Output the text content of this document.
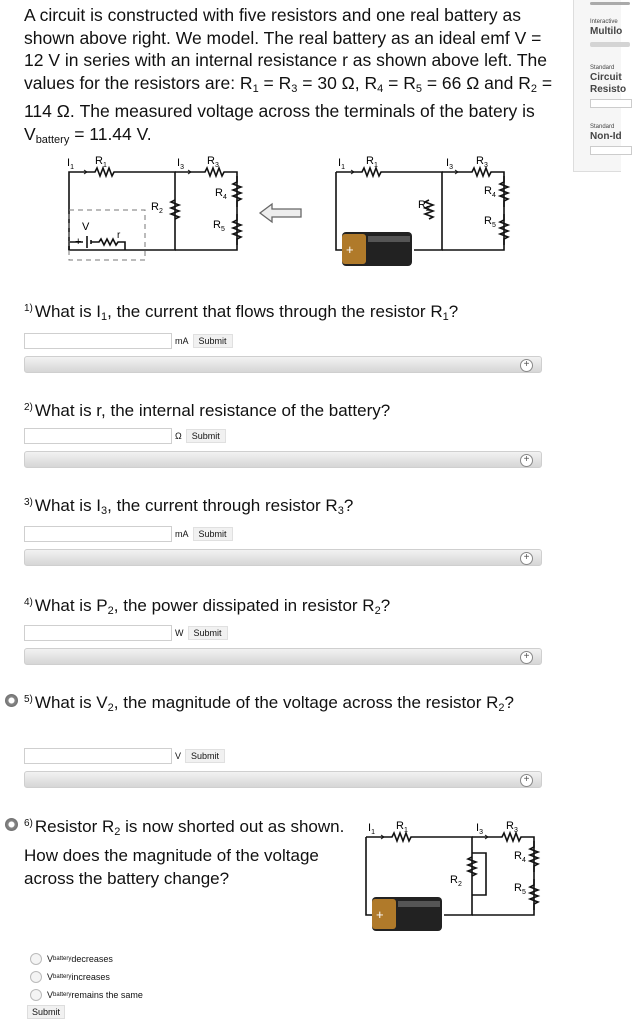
A circuit is constructed with five resistors and one real battery as shown above right. We model. The real battery as an ideal emf V = 12 V in series with an internal resistance r as shown above left. The values for the resistors are: $R_1 = R_3 = 30$ Ω, $R_4 = R_5 = 66$ Ω and $R_2 = 114$ Ω. The measured voltage across the terminals of the batery is $V_{battery} = 11.44$ V.
$I_1$
$R_1$	$I_3$
$R_3$
$R_2$
$R_4$
$R_5$
V
r
+	+
$I_1$
$R_1$	$I_3$
$R_3$
$R_2$
$R_4$
$R_5$
$^{1)}$ What is $I_1$, the current that flows through the resistor $R_1$?
mA	Submit
+
$^{2)}$ What is r, the internal resistance of the battery?
Ω	Submit
+
$^{3)}$ What is $I_3$, the current through resistor $R_3$?
mA	Submit
+
$^{4)}$ What is $P_2$, the power dissipated in resistor $R_2$?
W	Submit
+
$^{5)}$ What is $V_2$, the magnitude of the voltage across the resistor $R_2$?
V	Submit
+
$^{6)}$ Resistor $R_2$ is now shorted out as shown. How does the magnitude of the voltage across the battery change?
+
$I_1$
$R_1$	$I_3$
$R_3$
$R_2$
$R_4$
$R_5$
V battery decreases
V battery increases
V battery remains the same
Submit
Interactive
Multilo
Standard
Circuit
Resisto
Standard
Non-Id
